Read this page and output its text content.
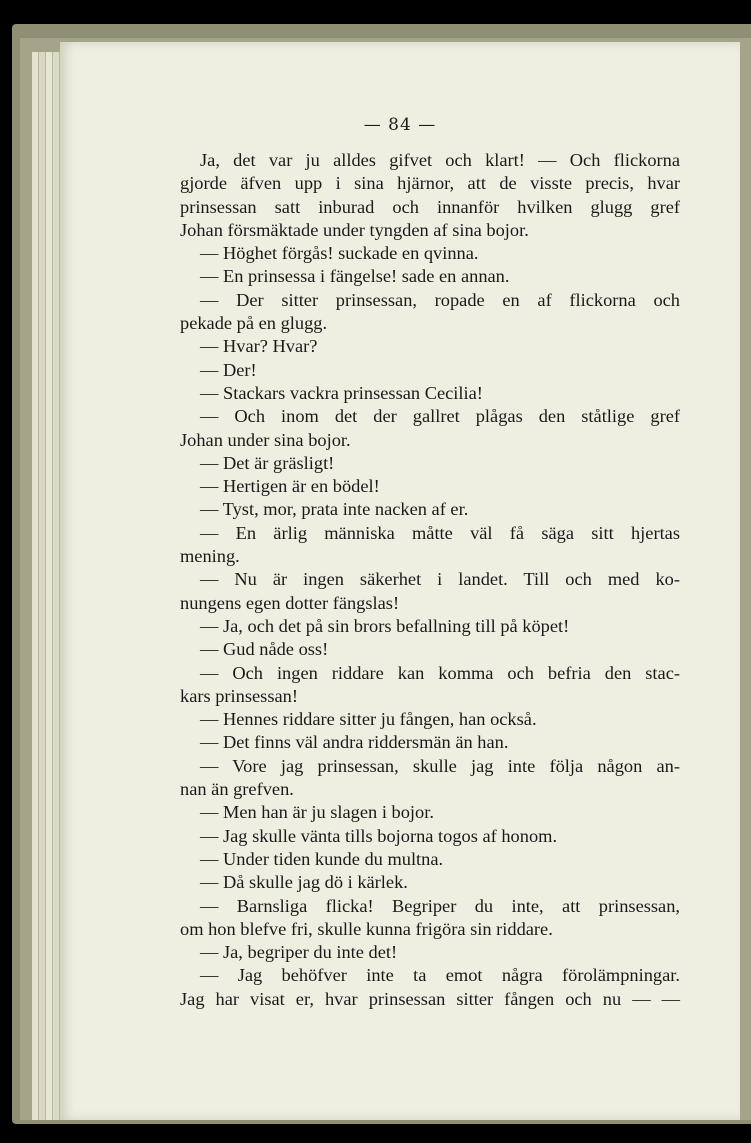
— 84 —
Ja, det var ju alldes gifvet och klart! — Och flickorna
gjorde äfven upp i sina hjärnor, att de visste precis, hvar
prinsessan satt inburad och innanför hvilken glugg gref
Johan försmäktade under tyngden af sina bojor.
— Höghet förgås! suckade en qvinna.
— En prinsessa i fängelse! sade en annan.
— Der sitter prinsessan, ropade en af flickorna och
pekade på en glugg.
— Hvar? Hvar?
— Der!
— Stackars vackra prinsessan Cecilia!
— Och inom det der gallret plågas den ståtlige gref
Johan under sina bojor.
— Det är gräsligt!
— Hertigen är en bödel!
— Tyst, mor, prata inte nacken af er.
— En ärlig människa måtte väl få säga sitt hjertas
mening.
— Nu är ingen säkerhet i landet. Till och med ko-
nungens egen dotter fängslas!
— Ja, och det på sin brors befallning till på köpet!
— Gud nåde oss!
— Och ingen riddare kan komma och befria den stac-
kars prinsessan!
— Hennes riddare sitter ju fången, han också.
— Det finns väl andra riddersmän än han.
— Vore jag prinsessan, skulle jag inte följa någon an-
nan än grefven.
— Men han är ju slagen i bojor.
— Jag skulle vänta tills bojorna togos af honom.
— Under tiden kunde du multna.
— Då skulle jag dö i kärlek.
— Barnsliga flicka! Begriper du inte, att prinsessan,
om hon blefve fri, skulle kunna frigöra sin riddare.
— Ja, begriper du inte det!
— Jag behöfver inte ta emot några förolämpningar.
Jag har visat er, hvar prinsessan sitter fången och nu — —
